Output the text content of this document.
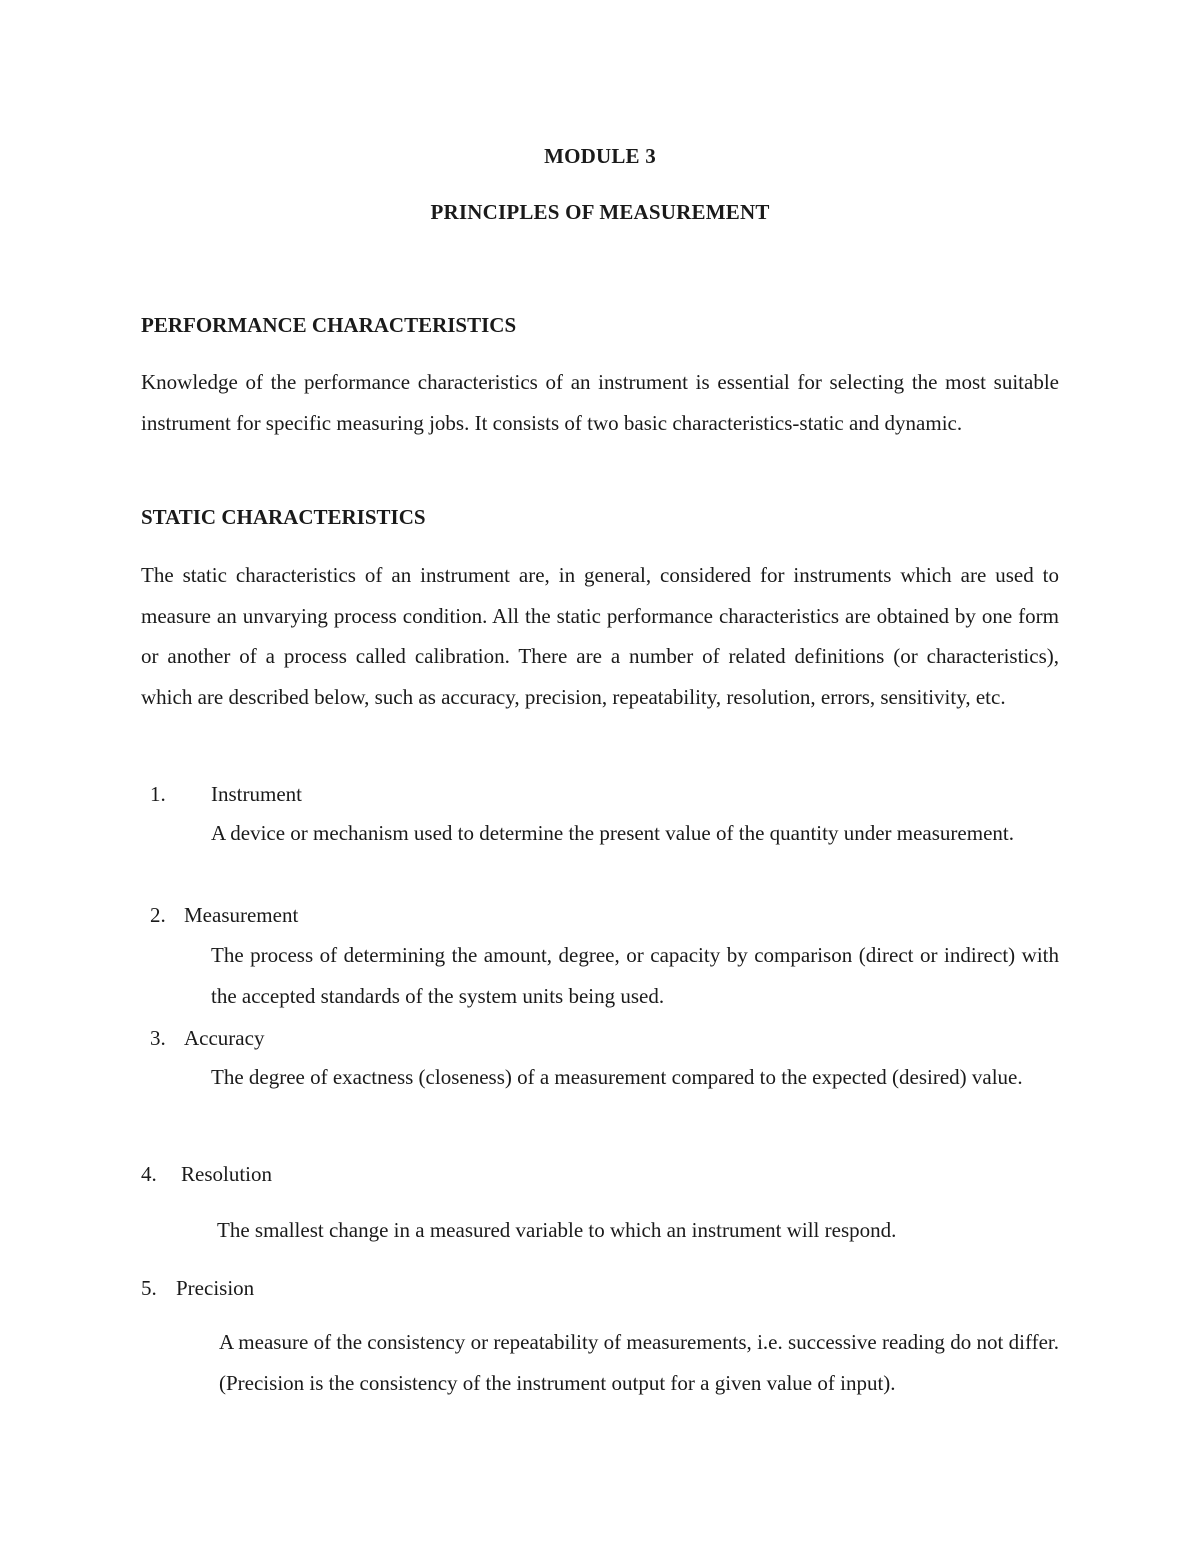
MODULE 3
PRINCIPLES OF MEASUREMENT
PERFORMANCE CHARACTERISTICS

Knowledge of the performance characteristics of an instrument is essential for selecting the most suitable instrument for specific measuring jobs. It consists of two basic characteristics-static and dynamic.

STATIC CHARACTERISTICS

The static characteristics of an instrument are, in general, considered for instruments which are used to measure an unvarying process condition. All the static performance characteristics are obtained by one form or another of a process called calibration. There are a number of related definitions (or characteristics), which are described below, such as accuracy, precision, repeatability, resolution, errors, sensitivity, etc.

1. Instrument

A device or mechanism used to determine the present value of the quantity under measurement.

2. Measurement

The process of determining the amount, degree, or capacity by comparison (direct or indirect) with the accepted standards of the system units being used.

3. Accuracy

The degree of exactness (closeness) of a measurement compared to the expected (desired) value.

4. Resolution

The smallest change in a measured variable to which an instrument will respond.

5. Precision

A measure of the consistency or repeatability of measurements, i.e. successive reading do not differ. (Precision is the consistency of the instrument output for a given value of input).
